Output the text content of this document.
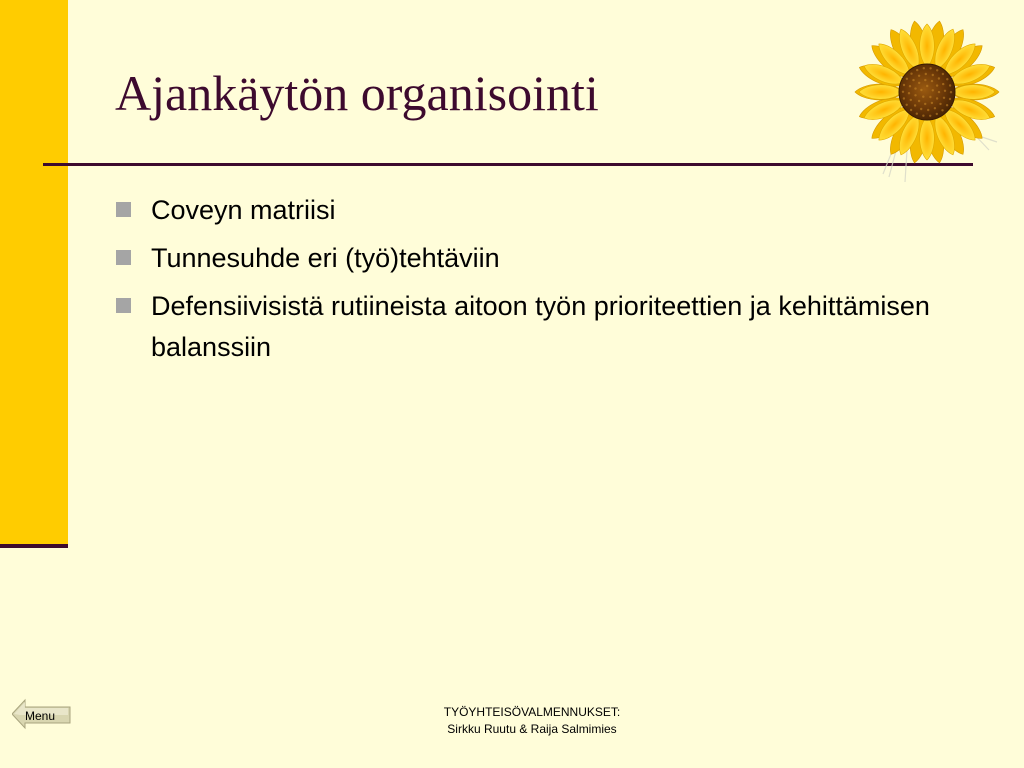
Ajankäytön organisointi
Coveyn matriisi
Tunnesuhde eri (työ)tehtäviin
Defensiivisistä rutiineista aitoon työn prioriteettien ja kehittämisen balanssiin
Menu	TYÖYHTEISÖVALMENNUKSET:
Sirkku Ruutu & Raija Salmimies
